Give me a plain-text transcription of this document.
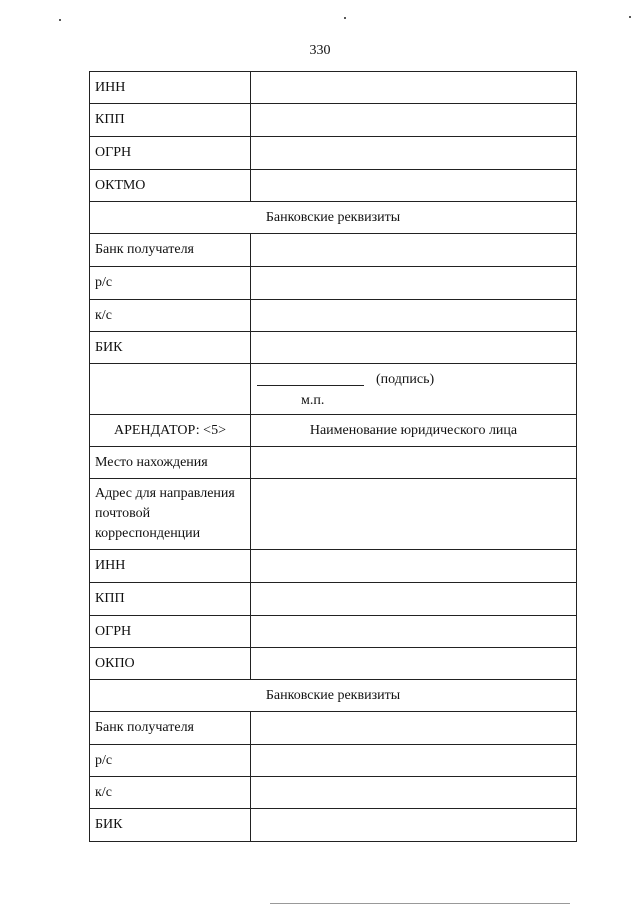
330
ИНН	
КПП	
ОГРН	
ОКТМО	
Банковские реквизиты	
Банк получателя	
р/с	
к/с	
БИК	

	(подпись)
м.п.

АРЕНДАТОР: <5>	Наименование юридического лица
Место нахождения	
Адрес для направления почтовой корреспонденции	
ИНН	
КПП	
ОГРН	
ОКПО	
Банковские реквизиты	
Банк получателя	
р/с	
к/с	
БИК	
